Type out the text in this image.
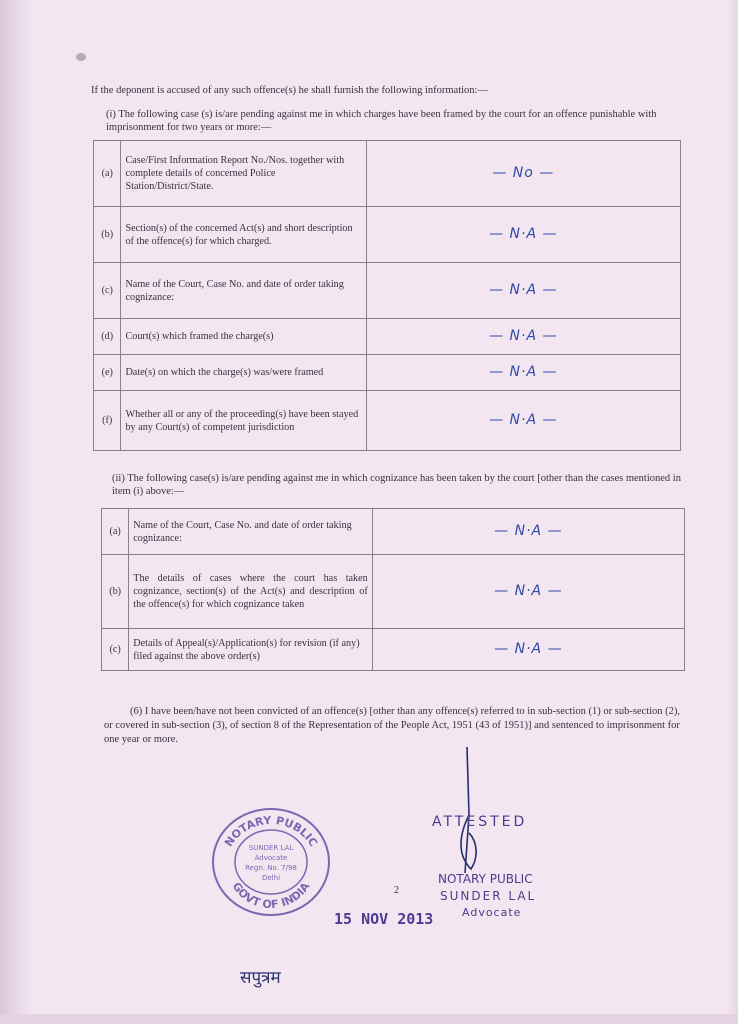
If the deponent is accused of any such offence(s) he shall furnish the following information:—
(i) The following case (s) is/are pending against me in which charges have been framed by the court for an offence punishable with imprisonment for two years or more:—
(a)	Case/First Information Report No./Nos. together with complete details of concerned Police Station/District/State.	— No —
(b)	Section(s) of the concerned Act(s) and short description of the offence(s) for which charged.	— N·A —
(c)	Name of the Court, Case No. and date of order taking cognizance:	— N·A —
(d)	Court(s) which framed the charge(s)	— N·A —
(e)	Date(s) on which the charge(s) was/were framed	— N·A —
(f)	Whether all or any of the proceeding(s) have been stayed by any Court(s) of competent jurisdiction	— N·A —
(ii) The following case(s) is/are pending against me in which cognizance has been taken by the court [other than the cases mentioned in item (i) above:—
(a)	Name of the Court, Case No. and date of order taking cognizance:	— N·A —
(b)	The details of cases where the court has taken cognizance, section(s) of the Act(s) and description of the offence(s) for which cognizance taken	— N·A —
(c)	Details of Appeal(s)/Application(s) for revision (if any) filed against the above order(s)	— N·A —
(6) I have been/have not been convicted of an offence(s) [other than any offence(s) referred to in sub-section (1) or sub-section (2), or covered in sub-section (3), of section 8 of the Representation of the People Act, 1951 (43 of 1951)] and sentenced to imprisonment for one year or more.
NOTARY PUBLIC
GOVT OF INDIA
SUNDER LAL
Advocate
Regn. No. 7/98
Delhi
ATTESTED
NOTARY PUBLIC
SUNDER LAL
Advocate
15 NOV 2013
2
सपुत्रम
